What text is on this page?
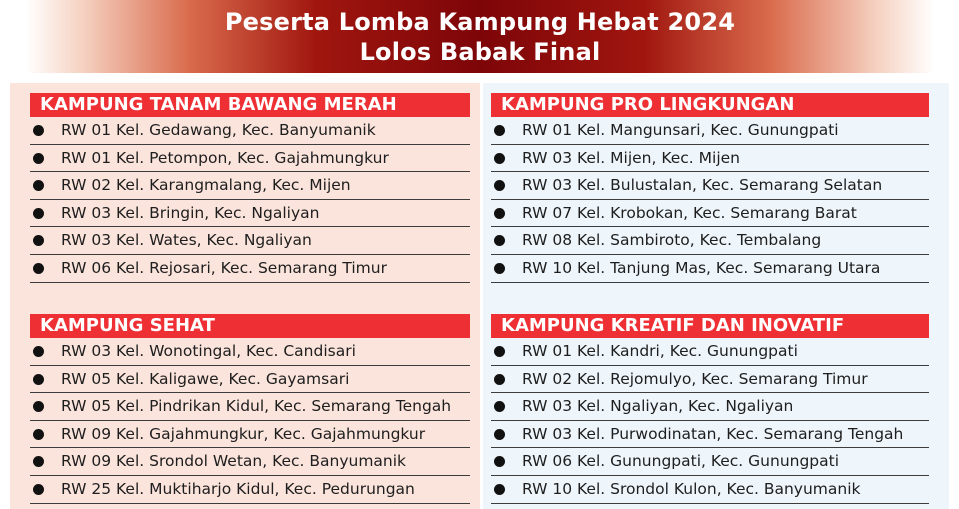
Peserta Lomba Kampung Hebat 2024
Lolos Babak Final
KAMPUNG TANAM BAWANG MERAH
RW 01 Kel. Gedawang, Kec. Banyumanik
RW 01 Kel. Petompon, Kec. Gajahmungkur
RW 02 Kel. Karangmalang, Kec. Mijen
RW 03 Kel. Bringin, Kec. Ngaliyan
RW 03 Kel. Wates, Kec. Ngaliyan
RW 06 Kel. Rejosari, Kec. Semarang Timur
KAMPUNG SEHAT
RW 03 Kel. Wonotingal, Kec. Candisari
RW 05 Kel. Kaligawe, Kec. Gayamsari
RW 05 Kel. Pindrikan Kidul, Kec. Semarang Tengah
RW 09 Kel. Gajahmungkur, Kec. Gajahmungkur
RW 09 Kel. Srondol Wetan, Kec. Banyumanik
RW 25 Kel. Muktiharjo Kidul, Kec. Pedurungan
KAMPUNG PRO LINGKUNGAN
RW 01 Kel. Mangunsari, Kec. Gunungpati
RW 03 Kel. Mijen, Kec. Mijen
RW 03 Kel. Bulustalan, Kec. Semarang Selatan
RW 07 Kel. Krobokan, Kec. Semarang Barat
RW 08 Kel. Sambiroto, Kec. Tembalang
RW 10 Kel. Tanjung Mas, Kec. Semarang Utara
KAMPUNG KREATIF DAN INOVATIF
RW 01 Kel. Kandri, Kec. Gunungpati
RW 02 Kel. Rejomulyo, Kec. Semarang Timur
RW 03 Kel. Ngaliyan, Kec. Ngaliyan
RW 03 Kel. Purwodinatan, Kec. Semarang Tengah
RW 06 Kel. Gunungpati, Kec. Gunungpati
RW 10 Kel. Srondol Kulon, Kec. Banyumanik
